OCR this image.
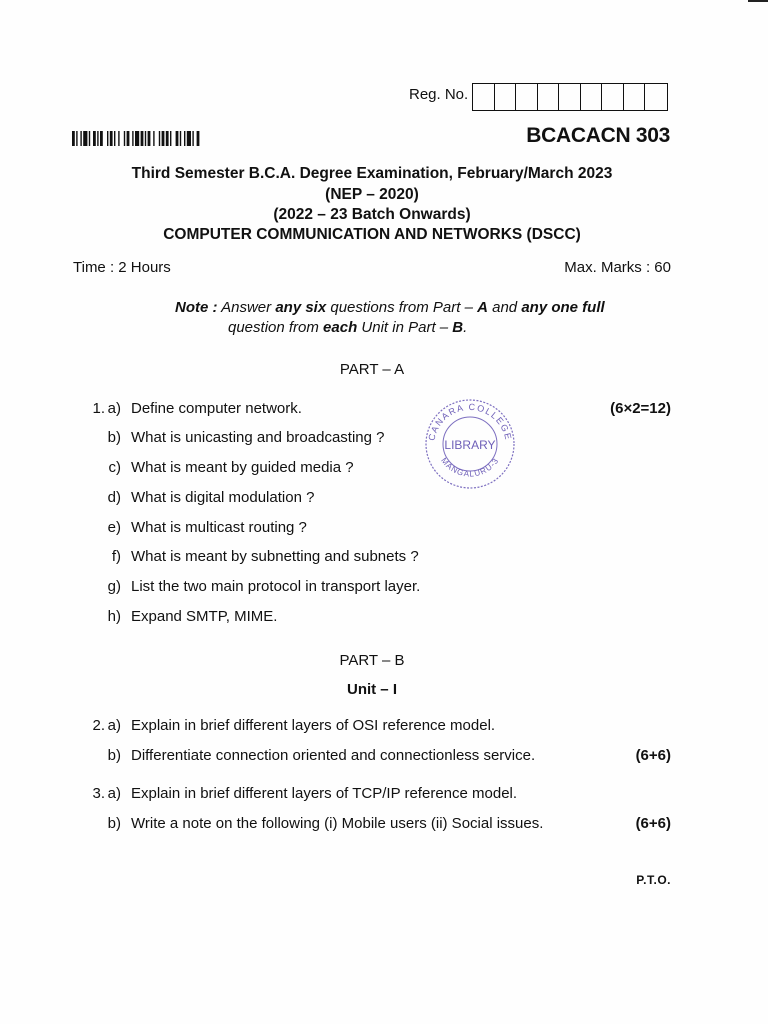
Reg. No.
BCACACN 303
Third Semester B.C.A. Degree Examination, February/March 2023
(NEP – 2020)
(2022 – 23 Batch Onwards)
COMPUTER COMMUNICATION AND NETWORKS (DSCC)
Time : 2 Hours	Max. Marks : 60
Note : Answer any six questions from Part – A and any one full
question from each Unit in Part – B.
PART – A
1.	(6×2=12)
a) Define computer network.
b) What is unicasting and broadcasting ?
c) What is meant by guided media ?
d) What is digital modulation ?
e) What is multicast routing ?
f) What is meant by subnetting and subnets ?
g) List the two main protocol in transport layer.
h) Expand SMTP, MIME.
CANARA COLLEGE
LIBRARY
MANGALURU-3
PART – B
Unit – I
2. a) Explain in brief different layers of OSI reference model.
b) Differentiate connection oriented and connectionless service.	(6+6)
3. a) Explain in brief different layers of TCP/IP reference model.
b) Write a note on the following (i) Mobile users (ii) Social issues.	(6+6)
P.T.O.
